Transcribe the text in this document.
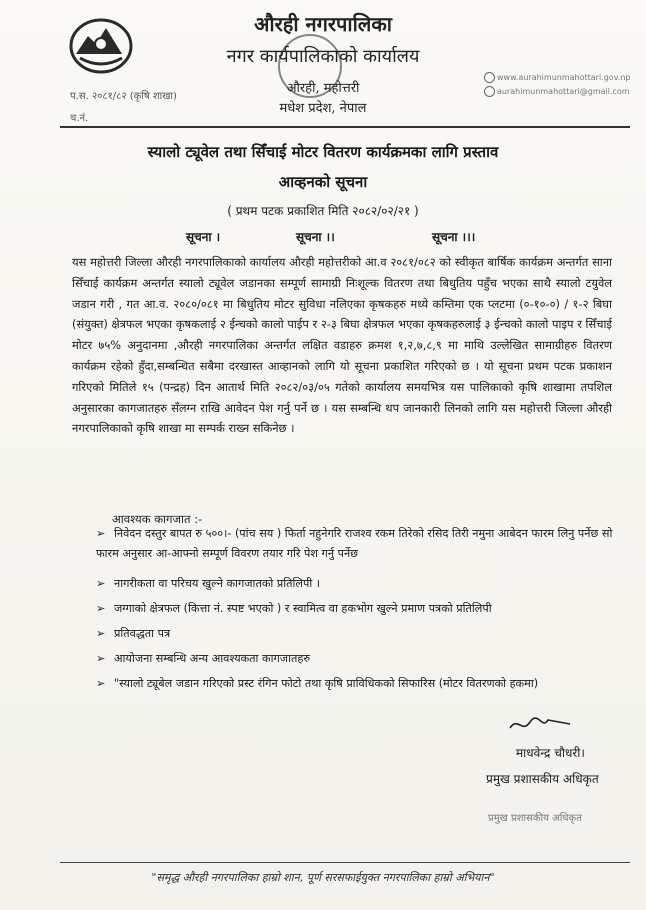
औरही नगरपालिका
नगर कार्यपालिकाको कार्यालय
औरही, महोत्तरी
मधेश प्रदेश, नेपाल
प.स. २०८१/८२ (कृषि शाखा)
च.नं.
www.aurahimunmahottari.gov.np
aurahimunmahottari@gmail.com
स्यालो ट्यूवेल तथा सिँचाई मोटर वितरण कार्यक्रमका लागि प्रस्ताव
आव्हनको सूचना
( प्रथम पटक प्रकाशित मिति २०८२/०२/२१ )
सूचना ।	सूचना ।।	सूचना ।।।
यस महोत्तरी जिल्ला औरही नगरपालिकाको कार्यालय औरही महोत्तरीको आ.व २०८१/०८२ को स्वीकृत बार्षिक कार्यक्रम अन्तर्गत साना सिँचाई कार्यक्रम अन्तर्गत स्यालो ट्यूवेल जडानका सम्पूर्ण सामाग्री निःशूल्क वितरण तथा बिधुतिय पहुँच भएका साथै स्यालो टयुवेल जडान गरी , गत आ.व. २०८०/०८१ मा बिधुतिय मोटर सुविधा नलिएका कृषकहरु मध्ये कम्तिमा एक प्लटमा (०-१०-०) / १-२ बिघा (संयुक्त) क्षेत्रफल भएका कृषकलाई २ ईन्चको कालो पाईप र २-३ बिघा क्षेत्रफल भएका कृषकहरुलाई ३ ईन्चको कालो पाइप र सिँचाई मोटर ७५% अनुदानमा ,औरही नगरपालिका अन्तर्गत लक्षित वडाहरु क्रमश १,२,७,८,९ मा माथि उल्लेखित सामाग्रीहरु वितरण कार्यक्रम रहेको हुँदा,सम्बन्धित सबैमा दरखास्त आव्हानको लागि यो सूचना प्रकाशित गरिएको छ । यो सूचना प्रथम पटक प्रकाशन गरिएको मितिले १५ (पन्द्रह) दिन आतार्थ मिति २०८२/०३/०५ गतेको कार्यालय समयभित्र यस पालिकाको कृषि शाखामा तपशिल अनुसारका कागजातहरु सँलग्न राखि आवेदन पेश गर्नु पर्ने छ । यस सम्बन्धि थप जानकारी लिनको लागि यस महोत्तरी जिल्ला औरही नगरपालिकाको कृषि शाखा मा सम्पर्क राख्न सकिनेछ ।
आवश्यक कागजात :-
➢ निवेदन दस्तुर बापत रु ५००।- (पांच सय ) फिर्ता नहुनेगरि राजश्व रकम तिरेको रसिद तिरी नमुना आबेदन फारम लिनु पर्नेछ सो फारम अनुसार आ-आफ्नो सम्पूर्ण विवरण तयार गरि पेश गर्नु पर्नेछ
➢ नागरीकता वा परिचय खुल्ने कागजातको प्रतिलिपी ।
➢ जग्गाको क्षेत्रफल (कित्ता नं. स्पष्ट भएको ) र स्वामित्व वा हकभोग खुल्ने प्रमाण पत्रको प्रतिलिपी
➢ प्रतिवद्धता पत्र
➢ आयोजना सम्बन्धि अन्य आवश्यकता कागजातहरु
➢ "स्यालो ट्यूबेल जडान गरिएको प्रस्ट रंगिन फोटो तथा कृषि प्राविधिकको सिफारिस (मोटर वितरणको हकमा)
माधवेन्द्र चौधरी।
प्रमुख प्रशासकीय अधिकृत
प्रमुख प्रशासकीय अधिकृत
"समृद्ध औरही नगरपालिका हाम्रो शान, पूर्ण सरसफाईयुक्त नगरपालिका हाम्रो अभियान"
